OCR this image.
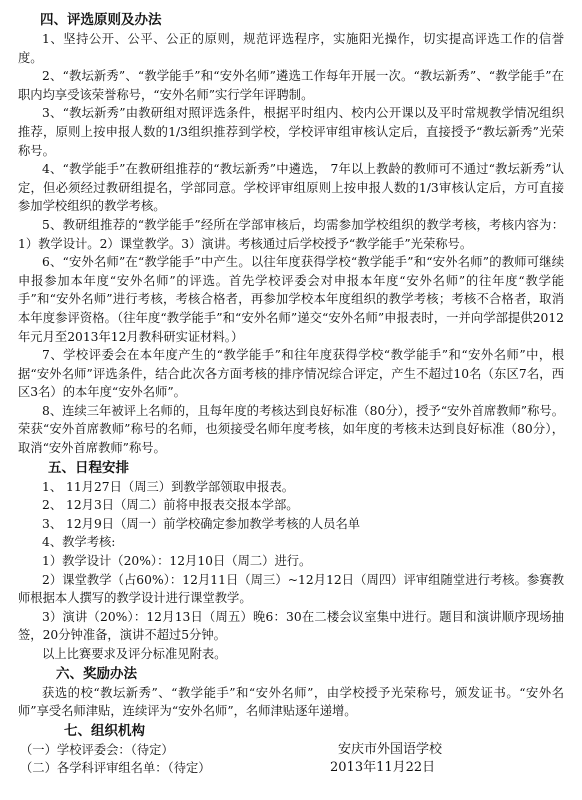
四、评选原则及办法

1、坚持公开、公平、公正的原则，规范评选程序，实施阳光操作，切实提高评选工作的信誉度。

2、“教坛新秀”、“教学能手”和“安外名师”遴选工作每年开展一次。“教坛新秀”、“教学能手”在职内均享受该荣誉称号，“安外名师”实行学年评聘制。

3、“教坛新秀”由教研组对照评选条件，根据平时组内、校内公开课以及平时常规教学情况组织推荐，原则上按申报人数的1/3组织推荐到学校，学校评审组审核认定后，直接授予“教坛新秀”光荣称号。

4、“教学能手”在教研组推荐的“教坛新秀”中遴选， 7年以上教龄的教师可不通过“教坛新秀”认定，但必须经过教研组提名，学部同意。学校评审组原则上按申报人数的1/3审核认定后，方可直接参加学校组织的教学考核。

5、教研组推荐的“教学能手”经所在学部审核后，均需参加学校组织的教学考核，考核内容为：1）教学设计。2）课堂教学。3）演讲。考核通过后学校授予“教学能手”光荣称号。

6、“安外名师”在“教学能手”中产生。以往年度获得学校“教学能手”和“安外名师”的教师可继续申报参加本年度“安外名师”的评选。首先学校评委会对申报本年度“安外名师”的往年度“教学能手”和“安外名师”进行考核，考核合格者，再参加学校本年度组织的教学考核；考核不合格者，取消本年度参评资格。（往年度“教学能手”和“安外名师”递交“安外名师”申报表时，一并向学部提供2012年元月至2013年12月教科研实证材料。）

7、学校评委会在本年度产生的“教学能手”和往年度获得学校“教学能手”和“安外名师”中，根据“安外名师”评选条件，结合此次各方面考核的排序情况综合评定，产生不超过10名（东区7名，西区3名）的本年度“安外名师”。

8、连续三年被评上名师的，且每年度的考核达到良好标准（80分），授予“安外首席教师”称号。荣获“安外首席教师”称号的名师，也须接受名师年度考核，如年度的考核未达到良好标准（80分），取消“安外首席教师”称号。

五、日程安排

1、 11月27日（周三）到教学部领取申报表。

2、 12月3日（周二）前将申报表交报本学部。

3、 12月9日（周一）前学校确定参加教学考核的人员名单

4、教学考核:

1）教学设计（20%）：12月10日（周二）进行。

2）课堂教学（占60%）：12月11日（周三）~12月12日（周四）评审组随堂进行考核。参赛教师根据本人撰写的教学设计进行课堂教学。

3）演讲（20%）：12月13日（周五）晚6：30在二楼会议室集中进行。题目和演讲顺序现场抽签，20分钟准备，演讲不超过5分钟。

以上比赛要求及评分标准见附表。

六、奖励办法

获选的校“教坛新秀”、“教学能手”和“安外名师”，由学校授予光荣称号，颁发证书。“安外名师”享受名师津贴，连续评为“安外名师”，名师津贴逐年递增。

七、组织机构

（一）学校评委会：（待定）

（二）各学科评审组名单：（待定）

安庆市外国语学校
2013年11月22日
